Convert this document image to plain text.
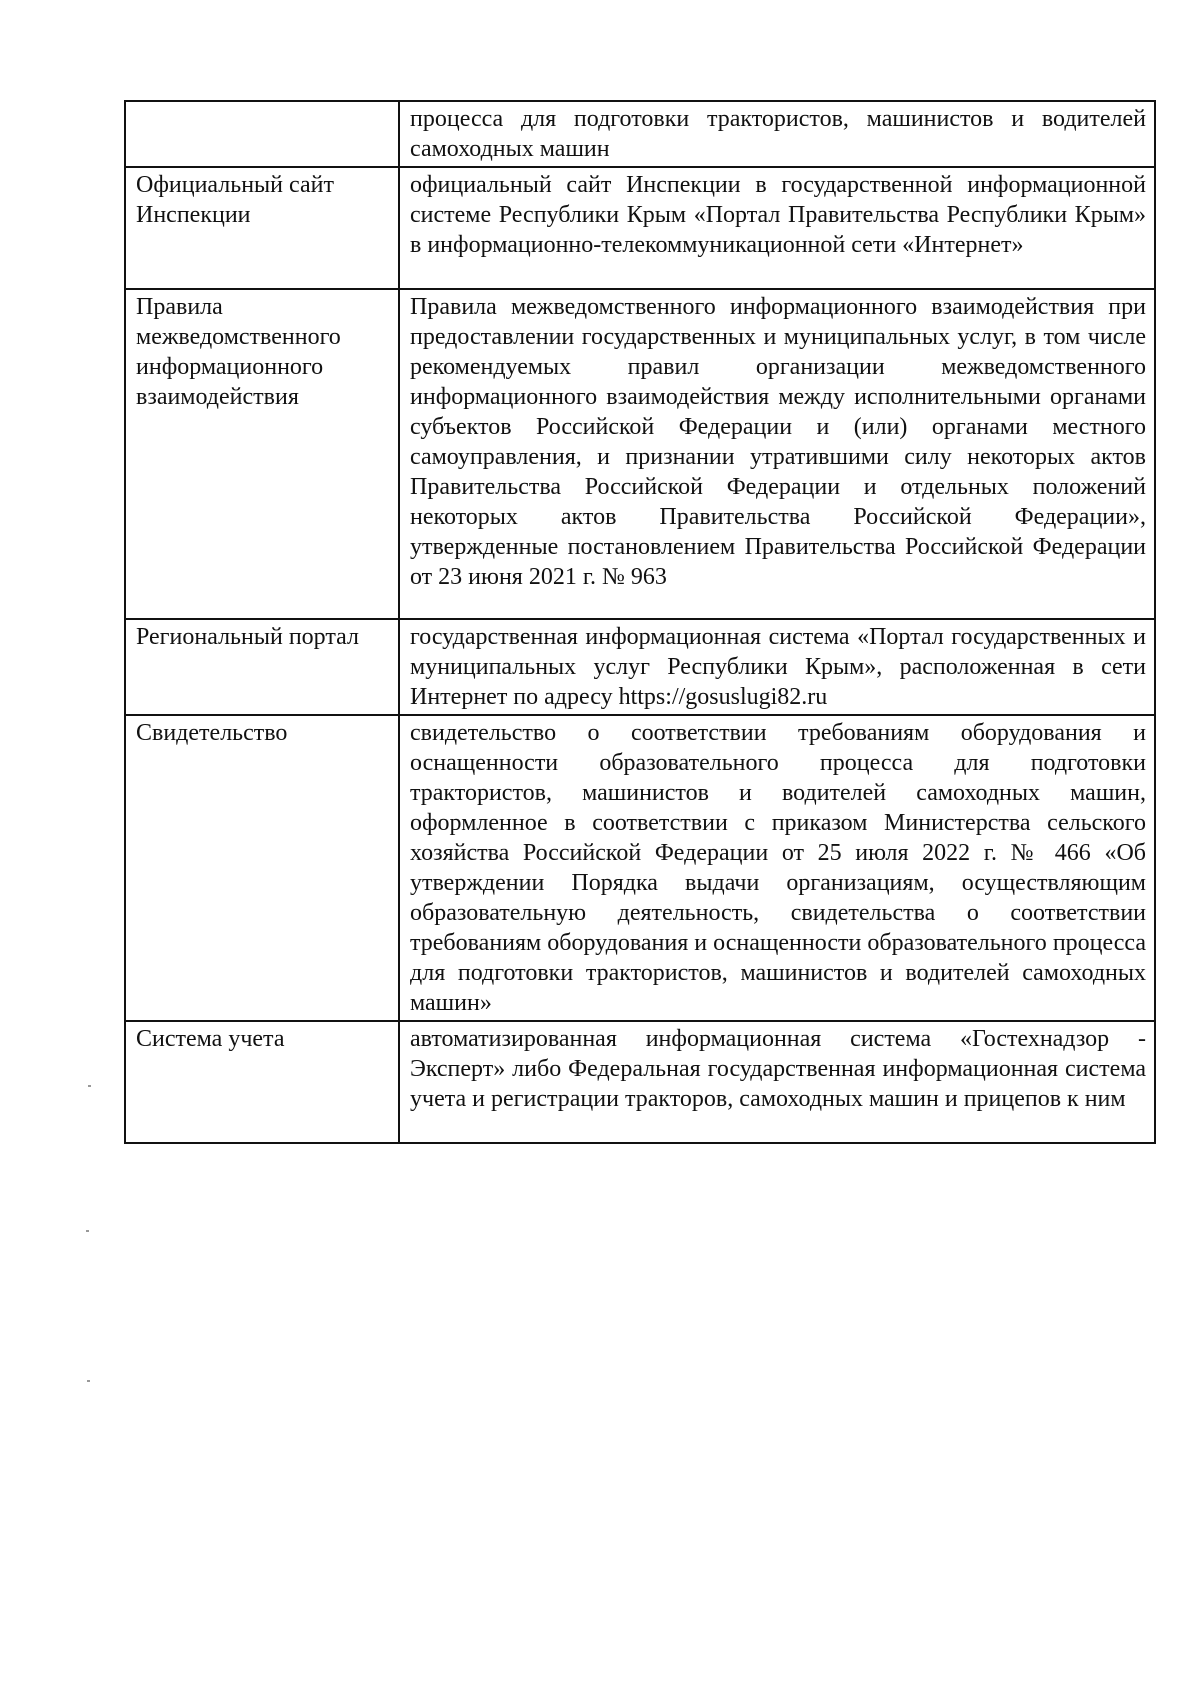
	процесса для подготовки трактористов, машинистов и водителей самоходных машин
Официальный сайт Инспекции	официальный сайт Инспекции в государственной информационной системе Республики Крым «Портал Правительства Республики Крым» в информационно-телекоммуникационной сети «Интернет»
Правила межведомственного информационного взаимодействия	Правила межведомственного информационного взаимодействия при предоставлении государственных и муниципальных услуг, в том числе рекомендуемых правил организации межведомственного информационного взаимодействия между исполнительными органами субъектов Российской Федерации и (или) органами местного самоуправления, и признании утратившими силу некоторых актов Правительства Российской Федерации и отдельных положений некоторых актов Правительства Российской Федерации», утвержденные постановлением Правительства Российской Федерации от 23 июня 2021 г. № 963
Региональный портал	государственная информационная система «Портал государственных и муниципальных услуг Республики Крым», расположенная в сети Интернет по адресу https://gosuslugi82.ru
Свидетельство	свидетельство о соответствии требованиям оборудования и оснащенности образовательного процесса для подготовки трактористов, машинистов и водителей самоходных машин, оформленное в соответствии с приказом Министерства сельского хозяйства Российской Федерации от 25 июля 2022 г. № 466 «Об утверждении Порядка выдачи организациям, осуществляющим образовательную деятельность, свидетельства о соответствии требованиям оборудования и оснащенности образовательного процесса для подготовки трактористов, машинистов и водителей самоходных машин»
Система учета	автоматизированная информационная система «Гостехнадзор - Эксперт» либо Федеральная государственная информационная система учета и регистрации тракторов, самоходных машин и прицепов к ним
